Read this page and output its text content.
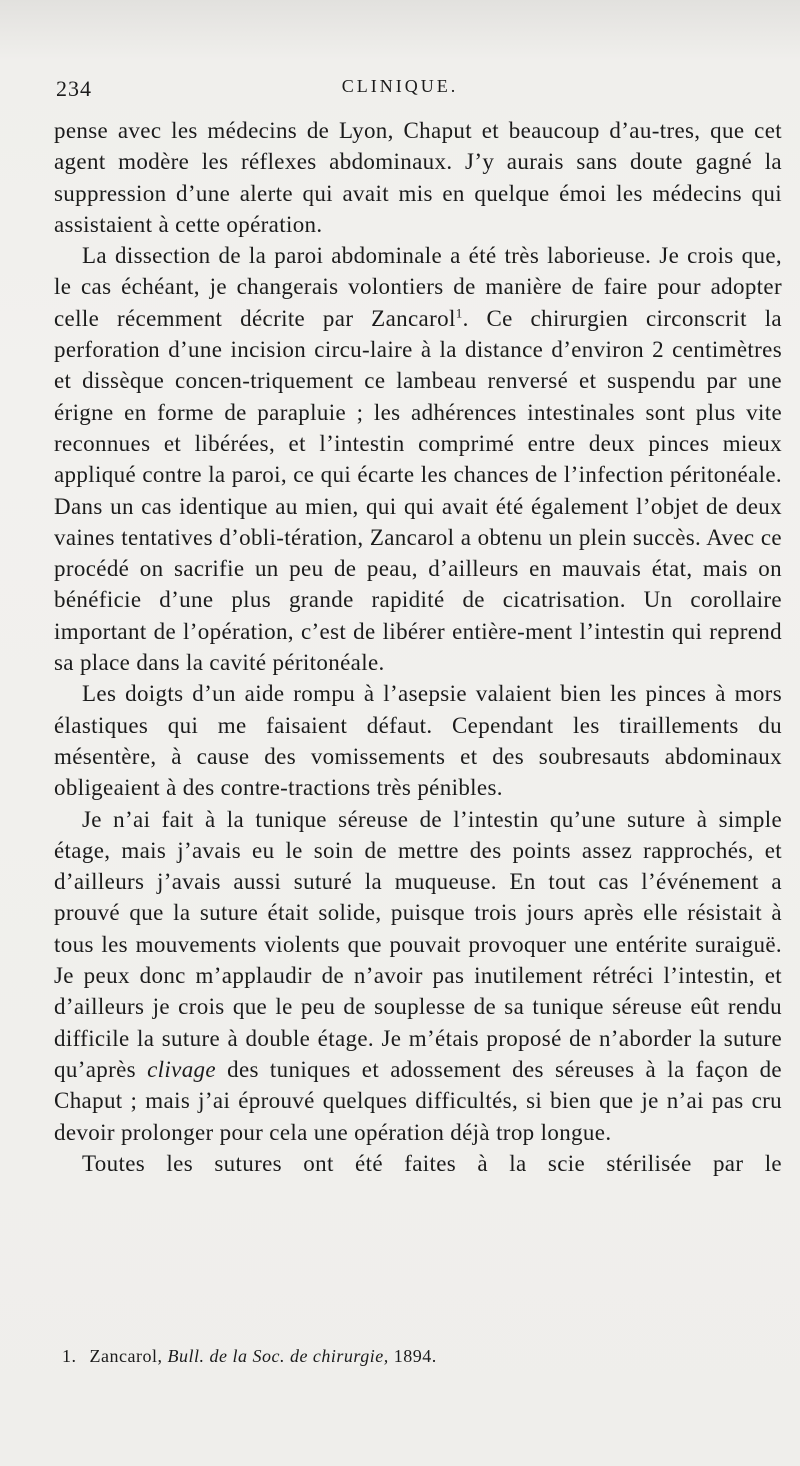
234	CLINIQUE.

pense avec les médecins de Lyon, Chaput et beaucoup d’au-tres, que cet agent modère les réflexes abdominaux. J’y aurais sans doute gagné la suppression d’une alerte qui avait mis en quelque émoi les médecins qui assistaient à cette opération.

La dissection de la paroi abdominale a été très laborieuse. Je crois que, le cas échéant, je changerais volontiers de manière de faire pour adopter celle récemment décrite par Zancarol$^1$. Ce chirurgien circonscrit la perforation d’une incision circu-laire à la distance d’environ 2 centimètres et dissèque concen-triquement ce lambeau renversé et suspendu par une érigne en forme de parapluie ; les adhérences intestinales sont plus vite reconnues et libérées, et l’intestin comprimé entre deux pinces mieux appliqué contre la paroi, ce qui écarte les chances de l’infection péritonéale. Dans un cas identique au mien, qui qui avait été également l’objet de deux vaines tentatives d’obli-tération, Zancarol a obtenu un plein succès. Avec ce procédé on sacrifie un peu de peau, d’ailleurs en mauvais état, mais on bénéficie d’une plus grande rapidité de cicatrisation. Un corollaire important de l’opération, c’est de libérer entière-ment l’intestin qui reprend sa place dans la cavité péritonéale.

Les doigts d’un aide rompu à l’asepsie valaient bien les pinces à mors élastiques qui me faisaient défaut. Cependant les tiraillements du mésentère, à cause des vomissements et des soubresauts abdominaux obligeaient à des contre-tractions très pénibles.

Je n’ai fait à la tunique séreuse de l’intestin qu’une suture à simple étage, mais j’avais eu le soin de mettre des points assez rapprochés, et d’ailleurs j’avais aussi suturé la muqueuse. En tout cas l’événement a prouvé que la suture était solide, puisque trois jours après elle résistait à tous les mouvements violents que pouvait provoquer une entérite suraiguë. Je peux donc m’applaudir de n’avoir pas inutilement rétréci l’intestin, et d’ailleurs je crois que le peu de souplesse de sa tunique séreuse eût rendu difficile la suture à double étage. Je m’étais proposé de n’aborder la suture qu’après clivage des tuniques et adossement des séreuses à la façon de Chaput ; mais j’ai éprouvé quelques difficultés, si bien que je n’ai pas cru devoir prolonger pour cela une opération déjà trop longue.

Toutes les sutures ont été faites à la scie stérilisée par le

1. Zancarol, Bull. de la Soc. de chirurgie, 1894.
